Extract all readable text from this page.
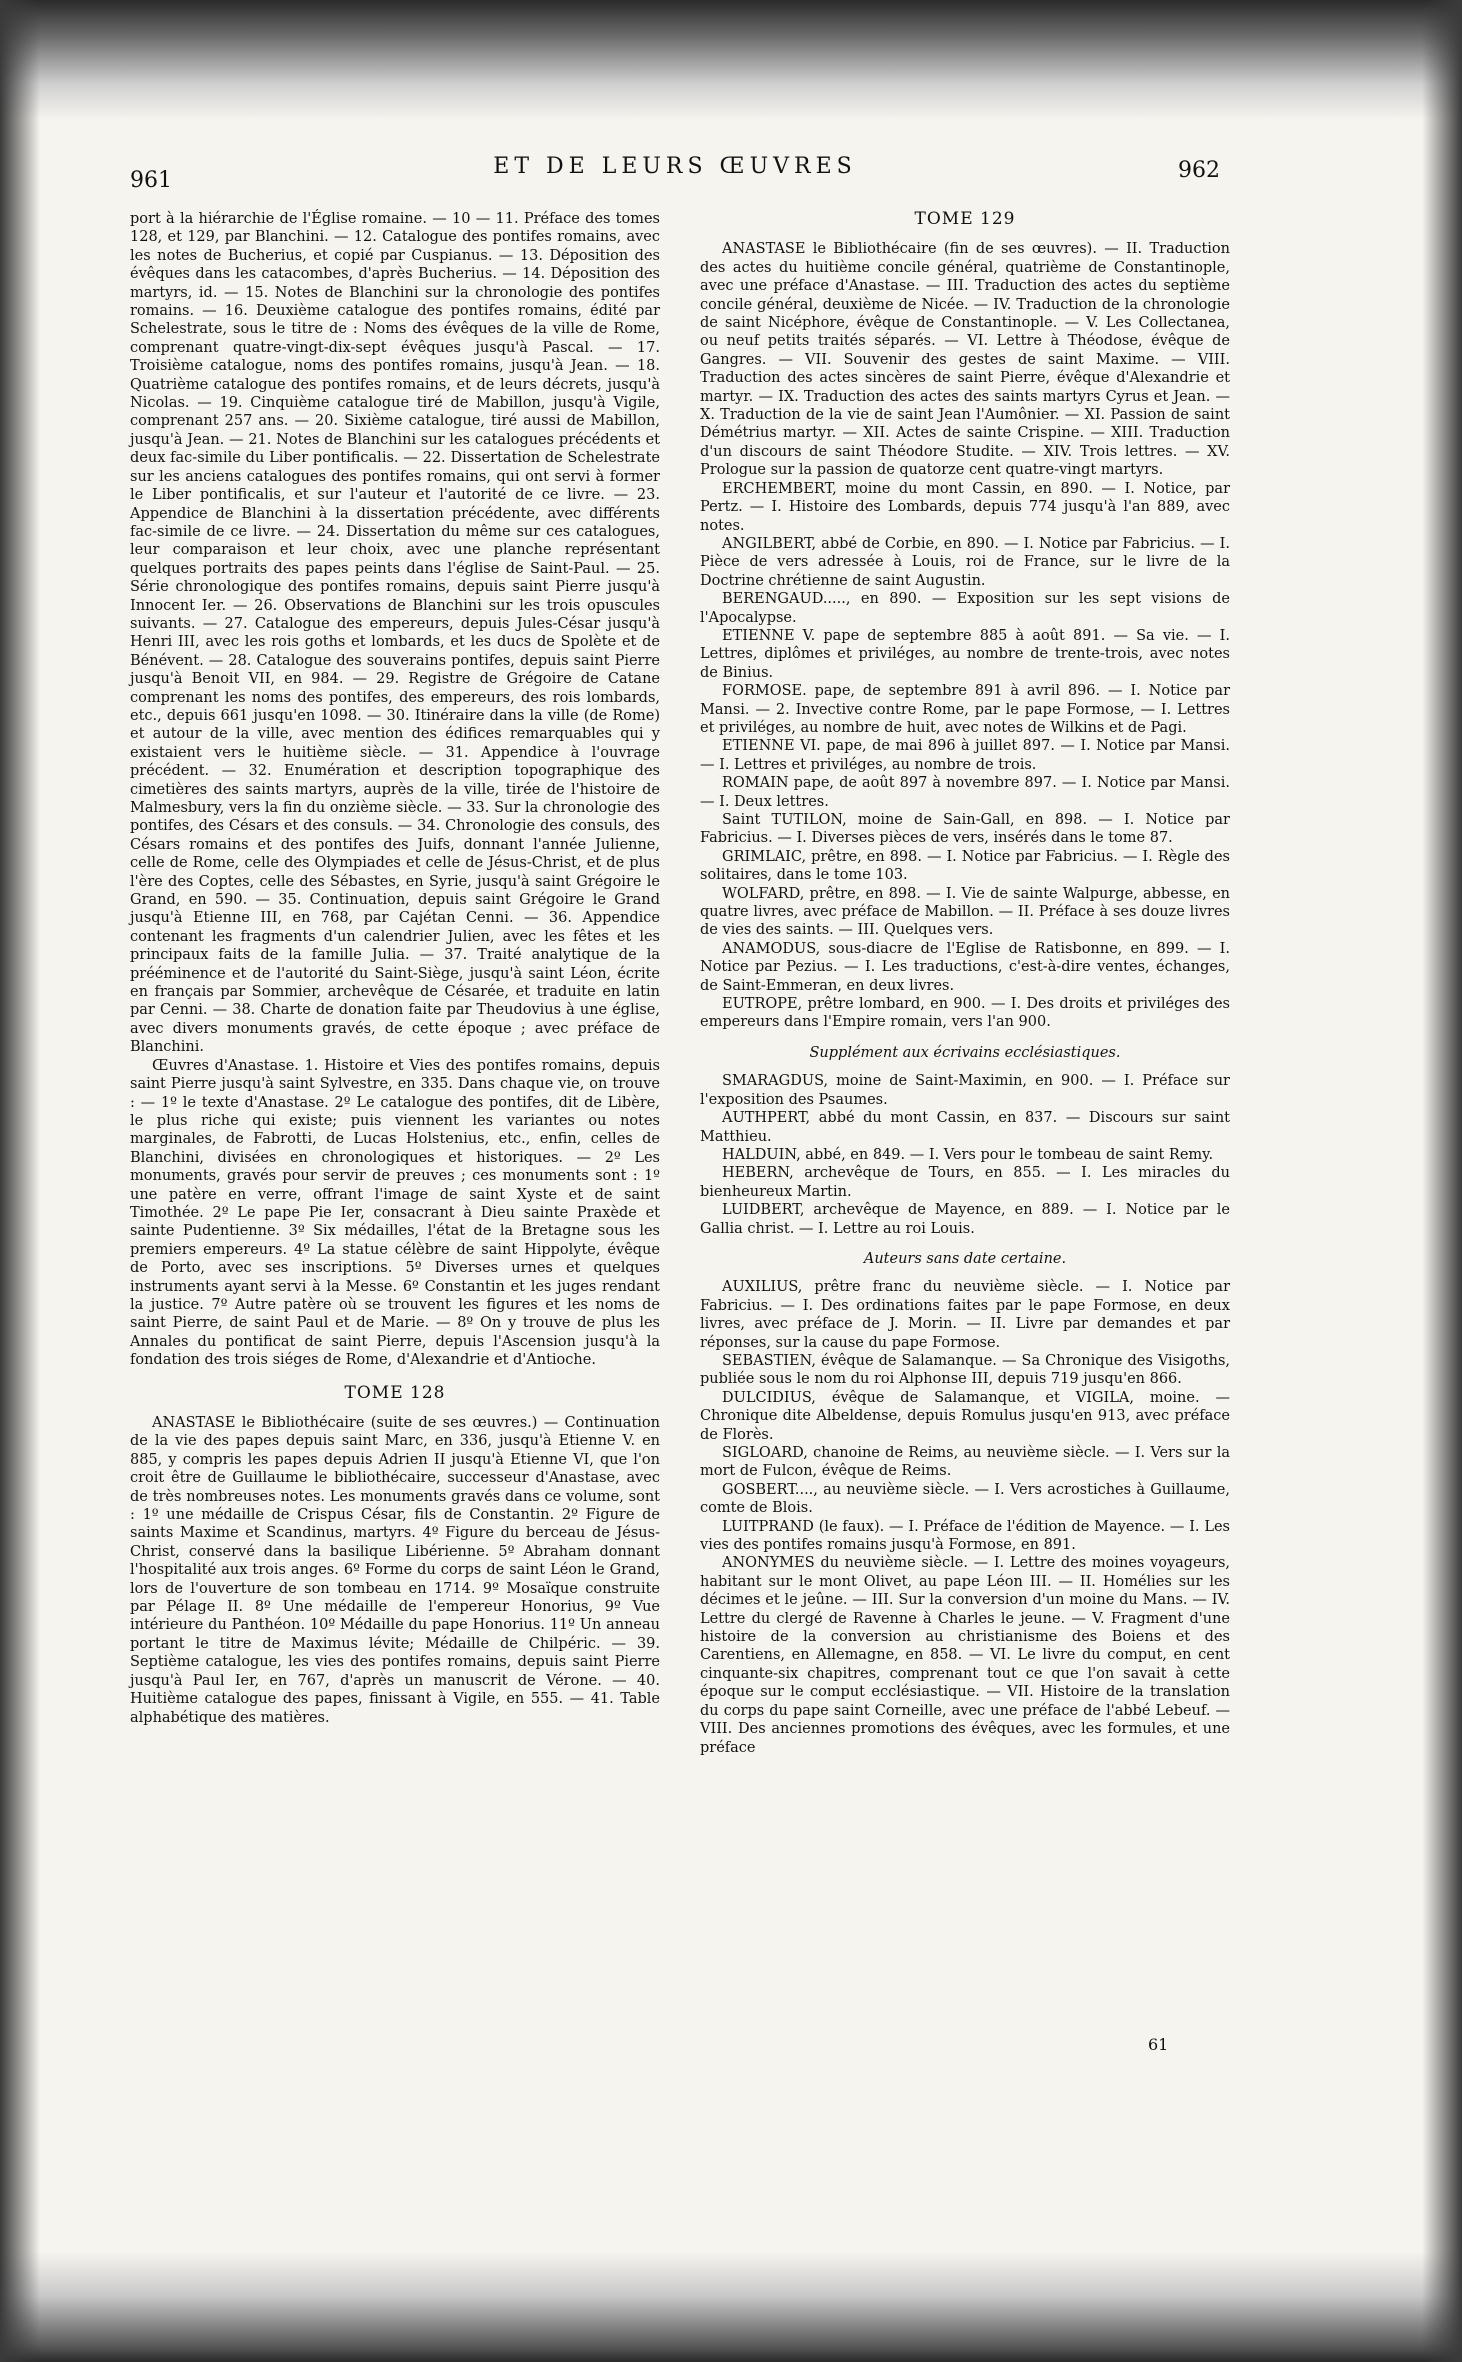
961
ET DE LEURS ŒUVRES	962

port à la hiérarchie de l'Église romaine. — 10 — 11. Préface des tomes 128, et 129, par Blanchini. — 12. Catalogue des pontifes romains, avec les notes de Bucherius, et copié par Cuspianus. — 13. Déposition des évêques dans les catacombes, d'après Bucherius. — 14. Déposition des martyrs, id. — 15. Notes de Blanchini sur la chronologie des pontifes romains. — 16. Deuxième catalogue des pontifes romains, édité par Schelestrate, sous le titre de : Noms des évêques de la ville de Rome, comprenant quatre-vingt-dix-sept évêques jusqu'à Pascal. — 17. Troisième catalogue, noms des pontifes romains, jusqu'à Jean. — 18. Quatrième catalogue des pontifes romains, et de leurs décrets, jusqu'à Nicolas. — 19. Cinquième catalogue tiré de Mabillon, jusqu'à Vigile, comprenant 257 ans. — 20. Sixième catalogue, tiré aussi de Mabillon, jusqu'à Jean. — 21. Notes de Blanchini sur les catalogues précédents et deux fac-simile du Liber pontificalis. — 22. Dissertation de Schelestrate sur les anciens catalogues des pontifes romains, qui ont servi à former le Liber pontificalis, et sur l'auteur et l'autorité de ce livre. — 23. Appendice de Blanchini à la dissertation précédente, avec différents fac-simile de ce livre. — 24. Dissertation du même sur ces catalogues, leur comparaison et leur choix, avec une planche représentant quelques portraits des papes peints dans l'église de Saint-Paul. — 25. Série chronologique des pontifes romains, depuis saint Pierre jusqu'à Innocent Ier. — 26. Observations de Blanchini sur les trois opuscules suivants. — 27. Catalogue des empereurs, depuis Jules-César jusqu'à Henri III, avec les rois goths et lombards, et les ducs de Spolète et de Bénévent. — 28. Catalogue des souverains pontifes, depuis saint Pierre jusqu'à Benoit VII, en 984. — 29. Registre de Grégoire de Catane comprenant les noms des pontifes, des empereurs, des rois lombards, etc., depuis 661 jusqu'en 1098. — 30. Itinéraire dans la ville (de Rome) et autour de la ville, avec mention des édifices remarquables qui y existaient vers le huitième siècle. — 31. Appendice à l'ouvrage précédent. — 32. Enumération et description topographique des cimetières des saints martyrs, auprès de la ville, tirée de l'histoire de Malmesbury, vers la fin du onzième siècle. — 33. Sur la chronologie des pontifes, des Césars et des consuls. — 34. Chronologie des consuls, des Césars romains et des pontifes des Juifs, donnant l'année Julienne, celle de Rome, celle des Olympiades et celle de Jésus-Christ, et de plus l'ère des Coptes, celle des Sébastes, en Syrie, jusqu'à saint Grégoire le Grand, en 590. — 35. Continuation, depuis saint Grégoire le Grand jusqu'à Etienne III, en 768, par Cajétan Cenni. — 36. Appendice contenant les fragments d'un calendrier Julien, avec les fêtes et les principaux faits de la famille Julia. — 37. Traité analytique de la prééminence et de l'autorité du Saint-Siège, jusqu'à saint Léon, écrite en français par Sommier, archevêque de Césarée, et traduite en latin par Cenni. — 38. Charte de donation faite par Theudovius à une église, avec divers monuments gravés, de cette époque ; avec préface de Blanchini.

Œuvres d'Anastase. 1. Histoire et Vies des pontifes romains, depuis saint Pierre jusqu'à saint Sylvestre, en 335. Dans chaque vie, on trouve : — 1º le texte d'Anastase. 2º Le catalogue des pontifes, dit de Libère, le plus riche qui existe; puis viennent les variantes ou notes marginales, de Fabrotti, de Lucas Holstenius, etc., enfin, celles de Blanchini, divisées en chronologiques et historiques. — 2º Les monuments, gravés pour servir de preuves ; ces monuments sont : 1º une patère en verre, offrant l'image de saint Xyste et de saint Timothée. 2º Le pape Pie Ier, consacrant à Dieu sainte Praxède et sainte Pudentienne. 3º Six médailles, l'état de la Bretagne sous les premiers empereurs. 4º La statue célèbre de saint Hippolyte, évêque de Porto, avec ses inscriptions. 5º Diverses urnes et quelques instruments ayant servi à la Messe. 6º Constantin et les juges rendant la justice. 7º Autre patère où se trouvent les figures et les noms de saint Pierre, de saint Paul et de Marie. — 8º On y trouve de plus les Annales du pontificat de saint Pierre, depuis l'Ascension jusqu'à la fondation des trois siéges de Rome, d'Alexandrie et d'Antioche.

TOME 128

ANASTASE le Bibliothécaire (suite de ses œuvres.) — Continuation de la vie des papes depuis saint Marc, en 336, jusqu'à Etienne V. en 885, y compris les papes depuis Adrien II jusqu'à Etienne VI, que l'on croit être de Guillaume le bibliothécaire, successeur d'Anastase, avec de très nombreuses notes. Les monuments gravés dans ce volume, sont : 1º une médaille de Crispus César, fils de Constantin. 2º Figure de saints Maxime et Scandinus, martyrs. 4º Figure du berceau de Jésus-Christ, conservé dans la basilique Libérienne. 5º Abraham donnant l'hospitalité aux trois anges. 6º Forme du corps de saint Léon le Grand, lors de l'ouverture de son tombeau en 1714. 9º Mosaïque construite par Pélage II. 8º Une médaille de l'empereur Honorius, 9º Vue intérieure du Panthéon. 10º Médaille du pape Honorius. 11º Un anneau portant le titre de Maximus lévite; Médaille de Chilpéric. — 39. Septième catalogue, les vies des pontifes romains, depuis saint Pierre jusqu'à Paul Ier, en 767, d'après un manuscrit de Vérone. — 40. Huitième catalogue des papes, finissant à Vigile, en 555. — 41. Table alphabétique des matières.

TOME 129

ANASTASE le Bibliothécaire (fin de ses œuvres). — II. Traduction des actes du huitième concile général, quatrième de Constantinople, avec une préface d'Anastase. — III. Traduction des actes du septième concile général, deuxième de Nicée. — IV. Traduction de la chronologie de saint Nicéphore, évêque de Constantinople. — V. Les Collectanea, ou neuf petits traités séparés. — VI. Lettre à Théodose, évêque de Gangres. — VII. Souvenir des gestes de saint Maxime. — VIII. Traduction des actes sincères de saint Pierre, évêque d'Alexandrie et martyr. — IX. Traduction des actes des saints martyrs Cyrus et Jean. — X. Traduction de la vie de saint Jean l'Aumônier. — XI. Passion de saint Démétrius martyr. — XII. Actes de sainte Crispine. — XIII. Traduction d'un discours de saint Théodore Studite. — XIV. Trois lettres. — XV. Prologue sur la passion de quatorze cent quatre-vingt martyrs.

ERCHEMBERT, moine du mont Cassin, en 890. — I. Notice, par Pertz. — I. Histoire des Lombards, depuis 774 jusqu'à l'an 889, avec notes.

ANGILBERT, abbé de Corbie, en 890. — I. Notice par Fabricius. — I. Pièce de vers adressée à Louis, roi de France, sur le livre de la Doctrine chrétienne de saint Augustin.

BERENGAUD....., en 890. — Exposition sur les sept visions de l'Apocalypse.

ETIENNE V. pape de septembre 885 à août 891. — Sa vie. — I. Lettres, diplômes et priviléges, au nombre de trente-trois, avec notes de Binius.

FORMOSE. pape, de septembre 891 à avril 896. — I. Notice par Mansi. — 2. Invective contre Rome, par le pape Formose, — I. Lettres et priviléges, au nombre de huit, avec notes de Wilkins et de Pagi.

ETIENNE VI. pape, de mai 896 à juillet 897. — I. Notice par Mansi. — I. Lettres et priviléges, au nombre de trois.

ROMAIN pape, de août 897 à novembre 897. — I. Notice par Mansi. — I. Deux lettres.

Saint TUTILON, moine de Sain-Gall, en 898. — I. Notice par Fabricius. — I. Diverses pièces de vers, insérés dans le tome 87.

GRIMLAIC, prêtre, en 898. — I. Notice par Fabricius. — I. Règle des solitaires, dans le tome 103.

WOLFARD, prêtre, en 898. — I. Vie de sainte Walpurge, abbesse, en quatre livres, avec préface de Mabillon. — II. Préface à ses douze livres de vies des saints. — III. Quelques vers.

ANAMODUS, sous-diacre de l'Eglise de Ratisbonne, en 899. — I. Notice par Pezius. — I. Les traductions, c'est-à-dire ventes, échanges, de Saint-Emmeran, en deux livres.

EUTROPE, prêtre lombard, en 900. — I. Des droits et priviléges des empereurs dans l'Empire romain, vers l'an 900.

Supplément aux écrivains ecclésiastiques.

SMARAGDUS, moine de Saint-Maximin, en 900. — I. Préface sur l'exposition des Psaumes.

AUTHPERT, abbé du mont Cassin, en 837. — Discours sur saint Matthieu.

HALDUIN, abbé, en 849. — I. Vers pour le tombeau de saint Remy.

HEBERN, archevêque de Tours, en 855. — I. Les miracles du bienheureux Martin.

LUIDBERT, archevêque de Mayence, en 889. — I. Notice par le Gallia christ. — I. Lettre au roi Louis.

Auteurs sans date certaine.

AUXILIUS, prêtre franc du neuvième siècle. — I. Notice par Fabricius. — I. Des ordinations faites par le pape Formose, en deux livres, avec préface de J. Morin. — II. Livre par demandes et par réponses, sur la cause du pape Formose.

SEBASTIEN, évêque de Salamanque. — Sa Chronique des Visigoths, publiée sous le nom du roi Alphonse III, depuis 719 jusqu'en 866.

DULCIDIUS, évêque de Salamanque, et VIGILA, moine. — Chronique dite Albeldense, depuis Romulus jusqu'en 913, avec préface de Florès.

SIGLOARD, chanoine de Reims, au neuvième siècle. — I. Vers sur la mort de Fulcon, évêque de Reims.

GOSBERT...., au neuvième siècle. — I. Vers acrostiches à Guillaume, comte de Blois.

LUITPRAND (le faux). — I. Préface de l'édition de Mayence. — I. Les vies des pontifes romains jusqu'à Formose, en 891.

ANONYMES du neuvième siècle. — I. Lettre des moines voyageurs, habitant sur le mont Olivet, au pape Léon III. — II. Homélies sur les décimes et le jeûne. — III. Sur la conversion d'un moine du Mans. — IV. Lettre du clergé de Ravenne à Charles le jeune. — V. Fragment d'une histoire de la conversion au christianisme des Boiens et des Carentiens, en Allemagne, en 858. — VI. Le livre du comput, en cent cinquante-six chapitres, comprenant tout ce que l'on savait à cette époque sur le comput ecclésiastique. — VII. Histoire de la translation du corps du pape saint Corneille, avec une préface de l'abbé Lebeuf. — VIII. Des anciennes promotions des évêques, avec les formules, et une préface

61
